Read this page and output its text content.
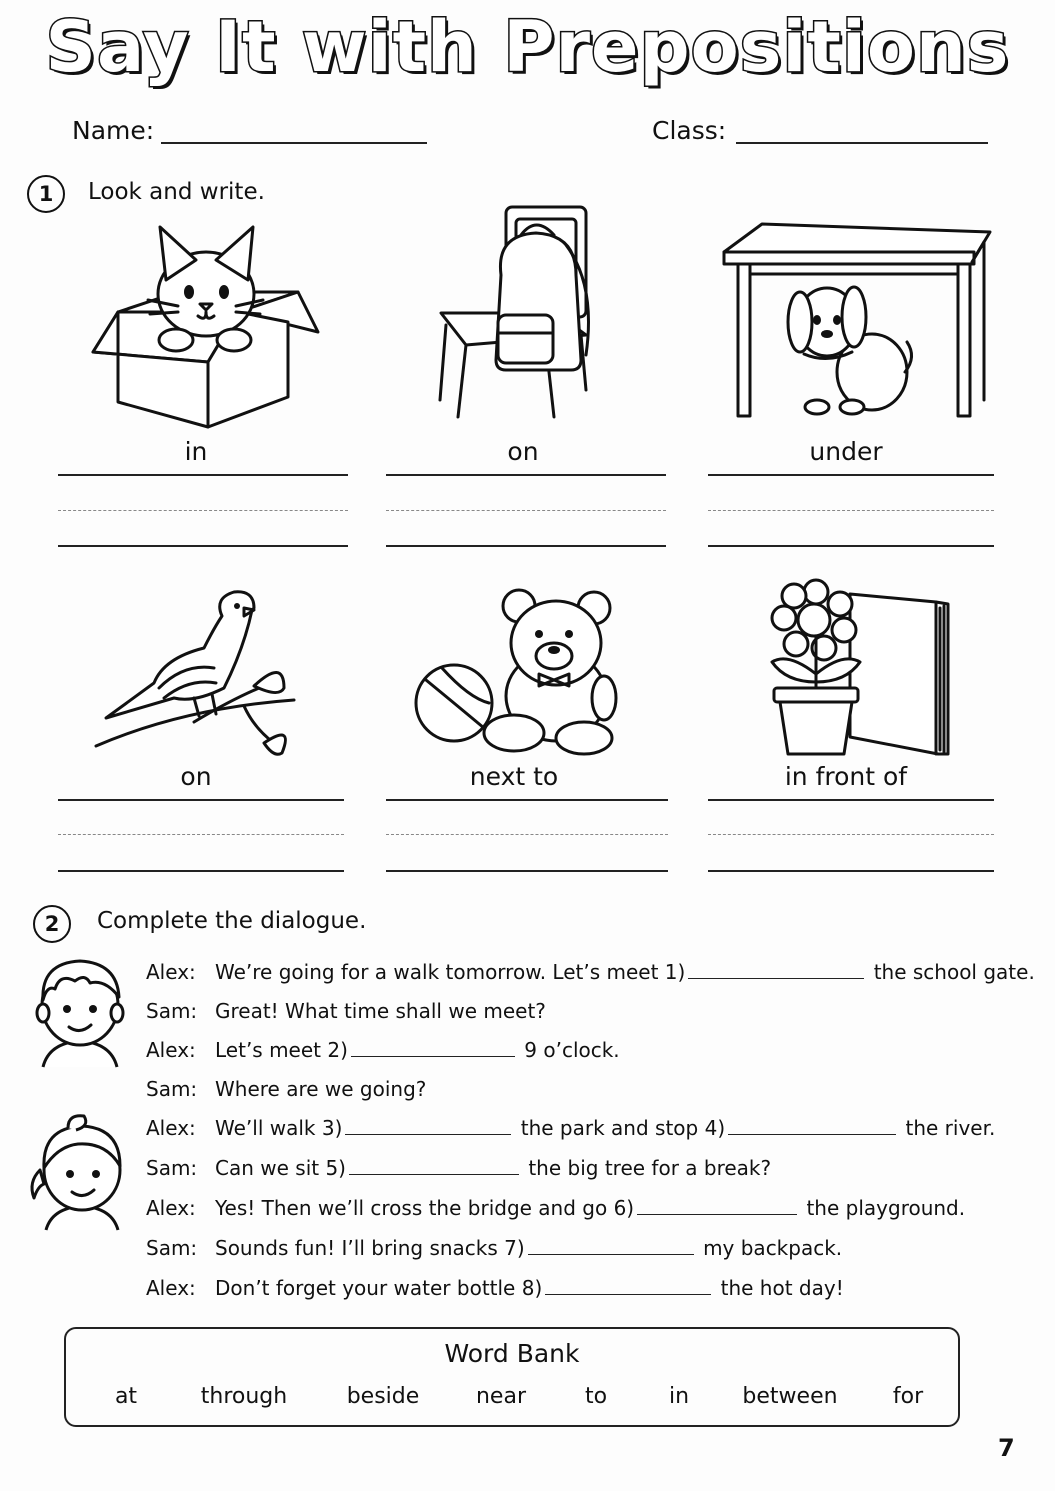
Say It with Prepositions
Name:	Class:
1	Look and write.
in	on	under
on	next to	in front of
2	Complete the dialogue.
Alex: We’re going for a walk tomorrow. Let’s meet 1)	the school gate.
Sam: Great! What time shall we meet?
Alex: Let’s meet 2)	9 o’clock.
Sam: Where are we going?
Alex: We’ll walk 3)	the park and stop 4)	the river.
Sam: Can we sit 5)	the big tree for a break?
Alex: Yes! Then we’ll cross the bridge and go 6)	the playground.
Sam: Sounds fun! I’ll bring snacks 7)	my backpack.
Alex: Don’t forget your water bottle 8)	the hot day!
Word Bank
at	through	beside	near	to	in	between	for
7
